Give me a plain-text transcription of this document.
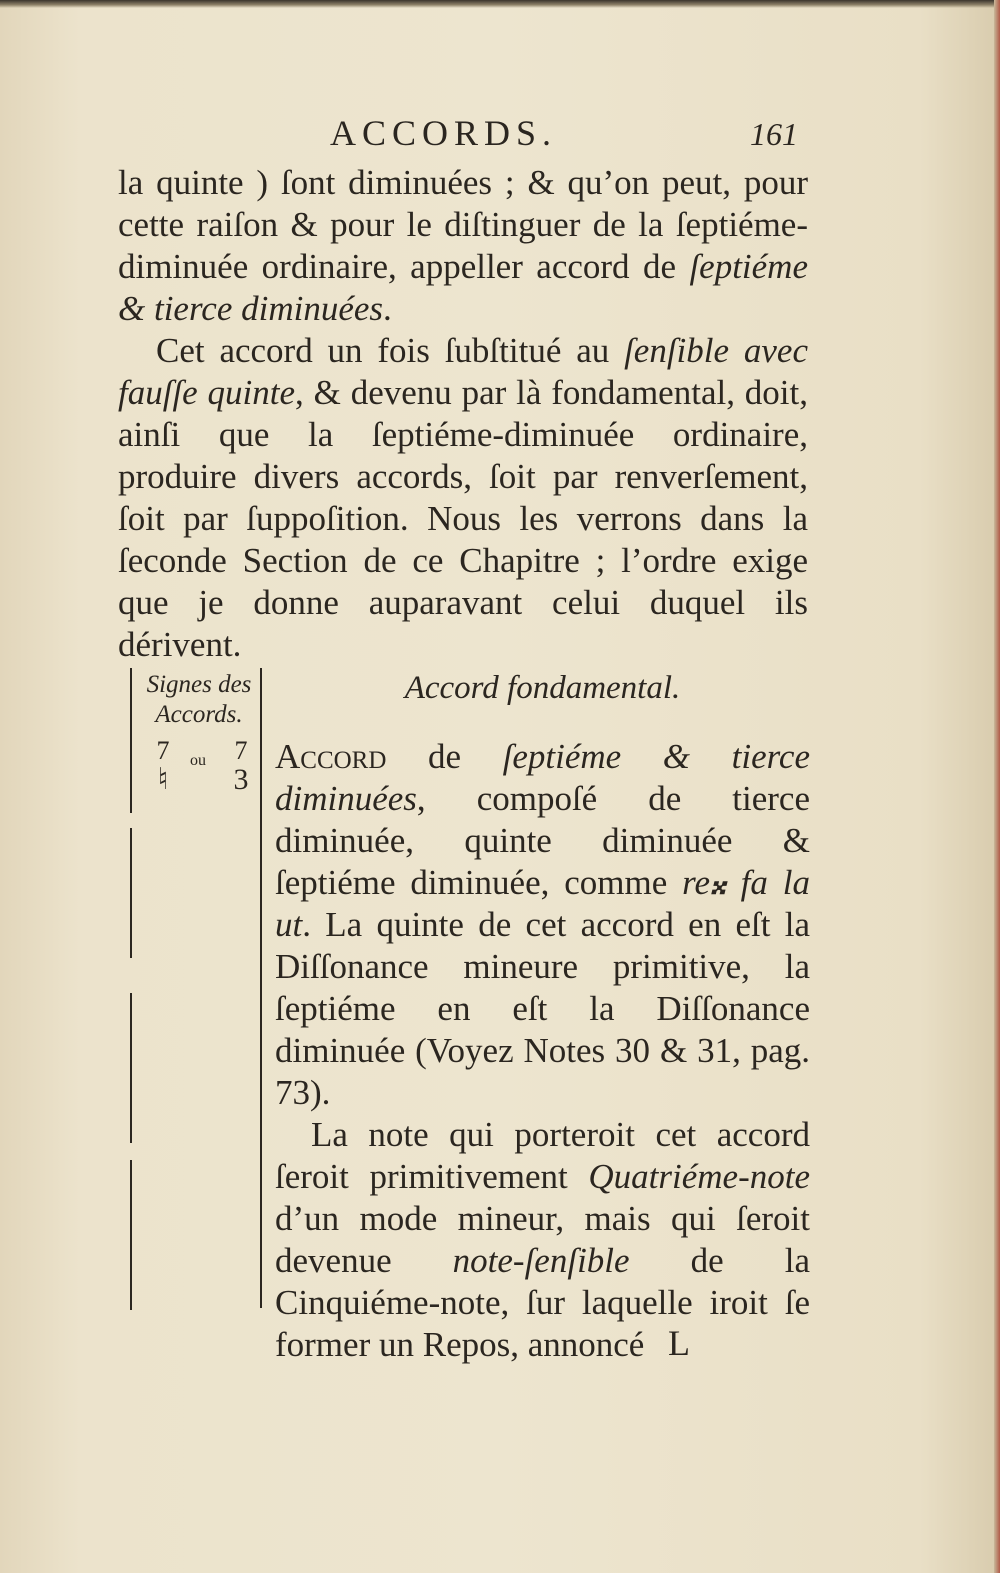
ACCORDS.	161

la quinte ) ſont diminuées ; & qu’on peut, pour cette raiſon & pour le diſtinguer de la ſeptiéme-diminuée ordinaire, appeller accord de ſeptiéme & tierce diminuées.

Cet accord un fois ſubſtitué au ſenſible avec fauſſe quinte, & devenu par là fondamental, doit, ainſi que la ſeptiéme-diminuée ordinaire, produire divers accords, ſoit par renverſement, ſoit par ſuppoſition. Nous les verrons dans la ſeconde Section de ce Chapitre ; l’ordre exige que je donne auparavant celui duquel ils dérivent.

Signes des
Accords.
7
♮
ou 7
3
Accord fondamental.

Accord de ſeptiéme & tierce diminuées, compoſé de tierce diminuée, quinte diminuée & ſeptiéme diminuée, comme re𝄪 fa la ut. La quinte de cet accord en eſt la Diſſonance mineure primitive, la ſeptiéme en eſt la Diſſonance diminuée (Voyez Notes 30 & 31, pag. 73).

La note qui porteroit cet accord ſeroit primitivement Quatriéme-note d’un mode mineur, mais qui ſeroit devenue note-ſenſible de la Cinquiéme-note, ſur laquelle iroit ſe former un Repos, annoncé L
